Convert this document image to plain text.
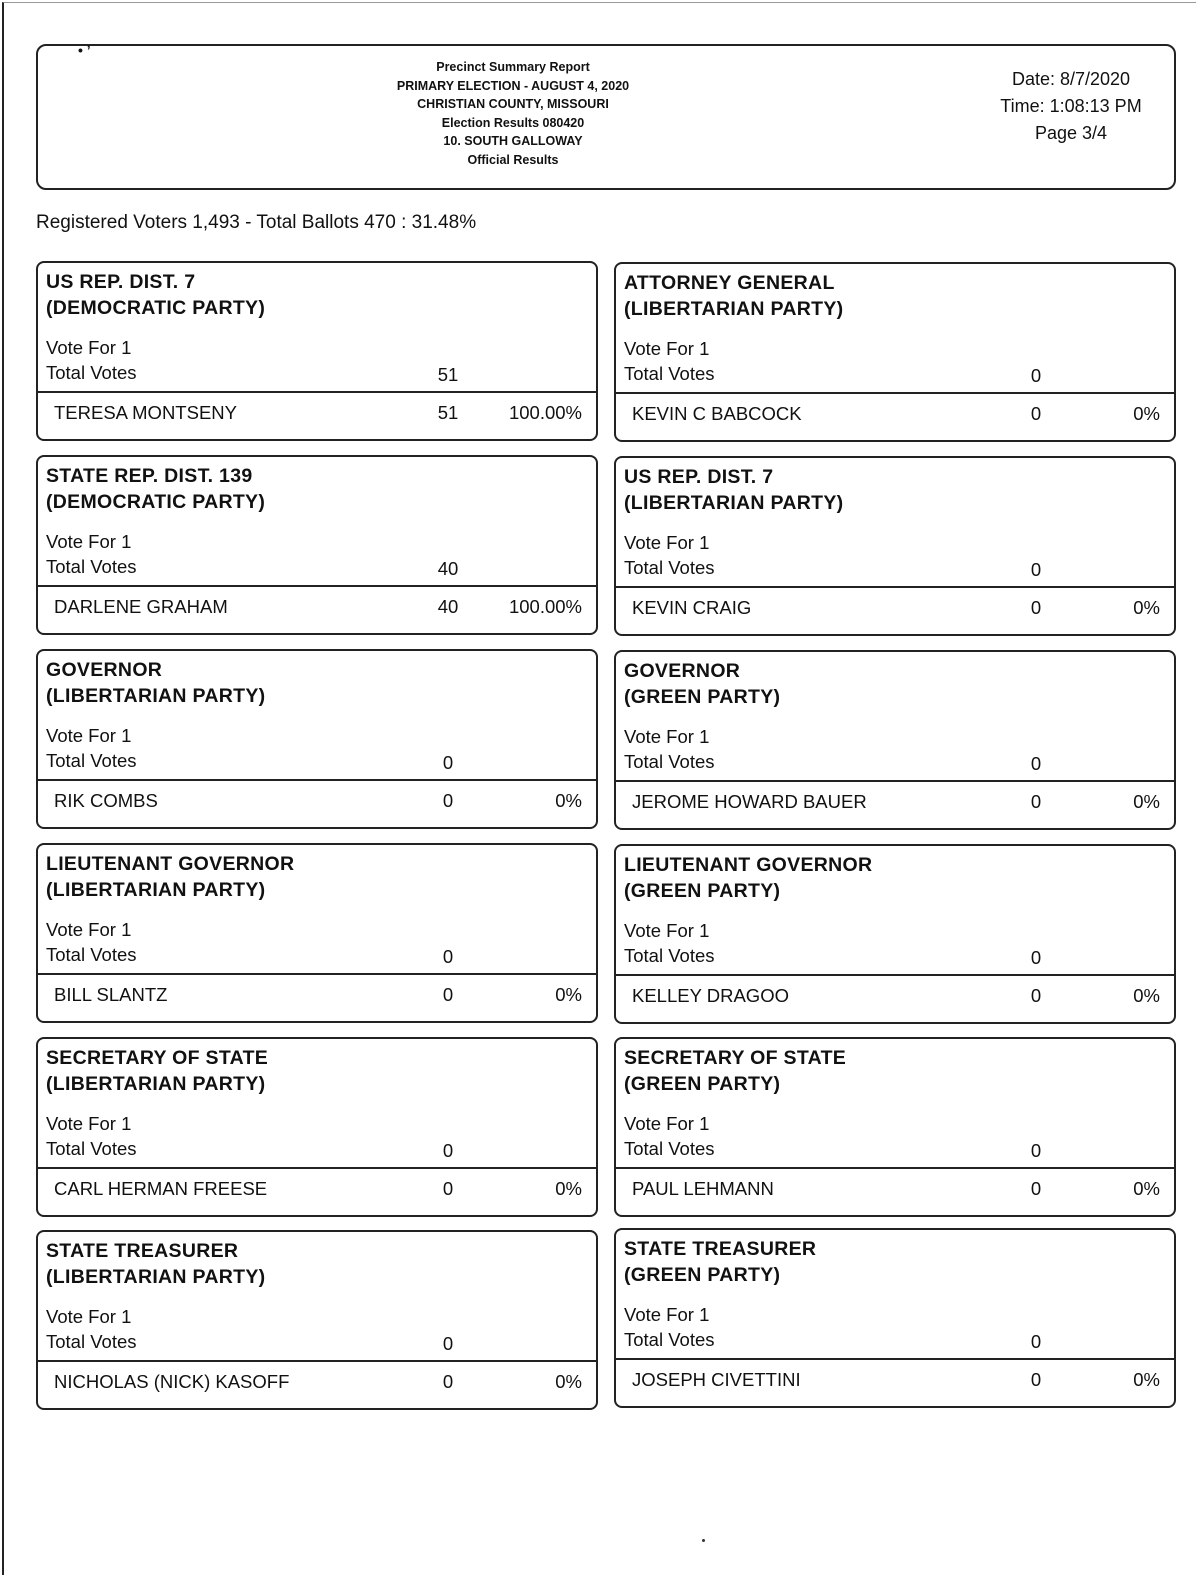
• ’
Precinct Summary Report
PRIMARY ELECTION - AUGUST 4, 2020
CHRISTIAN COUNTY, MISSOURI
Election Results 080420
10. SOUTH GALLOWAY
Official Results
Date: 8/7/2020
Time: 1:08:13 PM
Page 3/4
Registered Voters 1,493 - Total Ballots 470 : 31.48%
US REP. DIST. 7
(DEMOCRATIC PARTY)
Vote For 1
Total Votes	51
TERESA MONTSENY	51	100.00%
ATTORNEY GENERAL
(LIBERTARIAN PARTY)
Vote For 1
Total Votes	0
KEVIN C BABCOCK	0	0%
STATE REP. DIST. 139
(DEMOCRATIC PARTY)
Vote For 1
Total Votes	40
DARLENE GRAHAM	40	100.00%
US REP. DIST. 7
(LIBERTARIAN PARTY)
Vote For 1
Total Votes	0
KEVIN CRAIG	0	0%
GOVERNOR
(LIBERTARIAN PARTY)
Vote For 1
Total Votes	0
RIK COMBS	0	0%
GOVERNOR
(GREEN PARTY)
Vote For 1
Total Votes	0
JEROME HOWARD BAUER	0	0%
LIEUTENANT GOVERNOR
(LIBERTARIAN PARTY)
Vote For 1
Total Votes	0
BILL SLANTZ	0	0%
LIEUTENANT GOVERNOR
(GREEN PARTY)
Vote For 1
Total Votes	0
KELLEY DRAGOO	0	0%
SECRETARY OF STATE
(LIBERTARIAN PARTY)
Vote For 1
Total Votes	0
CARL HERMAN FREESE	0	0%
SECRETARY OF STATE
(GREEN PARTY)
Vote For 1
Total Votes	0
PAUL LEHMANN	0	0%
STATE TREASURER
(LIBERTARIAN PARTY)
Vote For 1
Total Votes	0
NICHOLAS (NICK) KASOFF	0	0%
STATE TREASURER
(GREEN PARTY)
Vote For 1
Total Votes	0
JOSEPH CIVETTINI	0	0%
